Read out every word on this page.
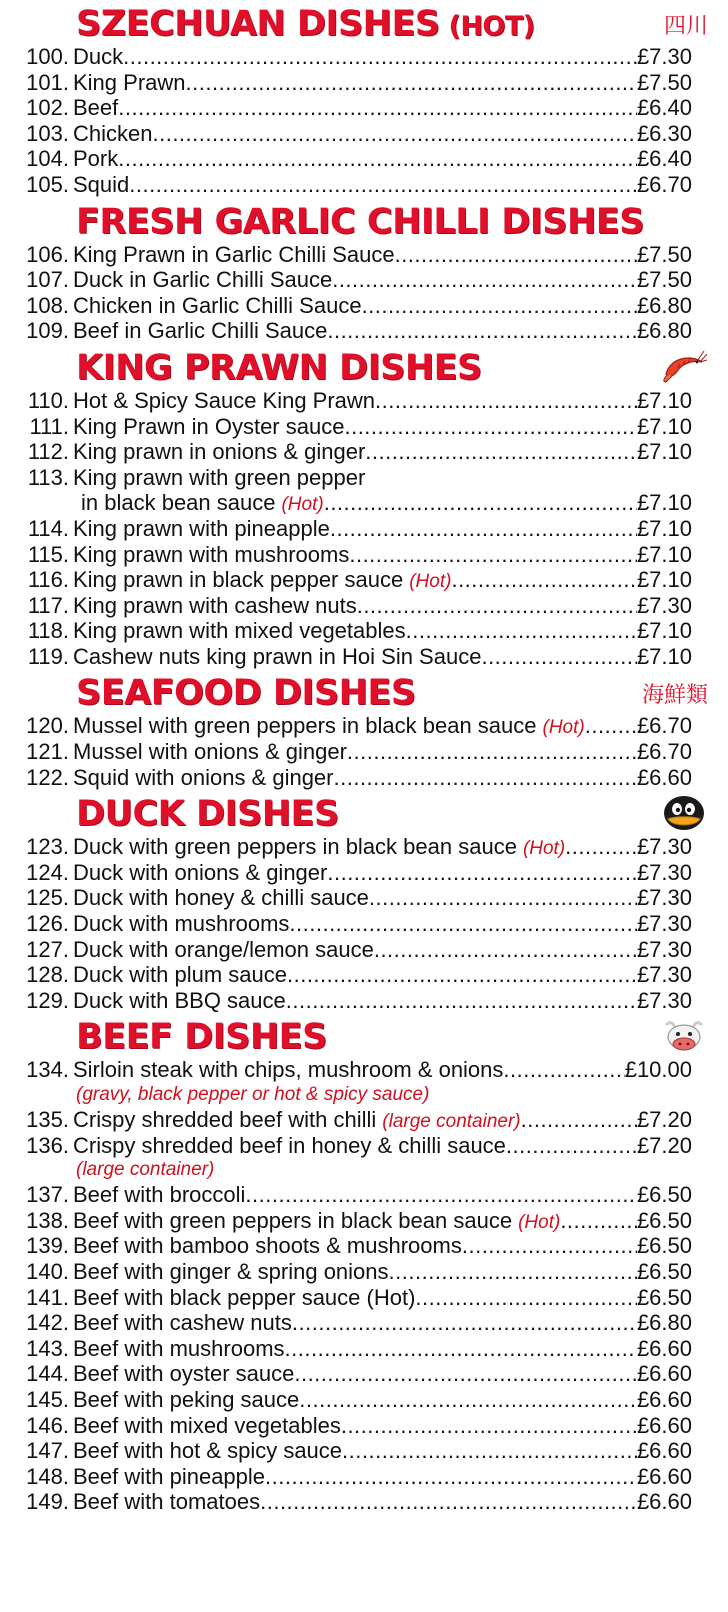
SZECHUAN DISHES (HOT)	四川
100. Duck .....	£7.30
101. King Prawn .....	£7.50
102. Beef .....	£6.40
103. Chicken .....	£6.30
104. Pork .....	£6.40
105. Squid .....	£6.70
FRESH GARLIC CHILLI DISHES
106. King Prawn in Garlic Chilli Sauce .....	£7.50
107. Duck in Garlic Chilli Sauce .....	£7.50
108. Chicken in Garlic Chilli Sauce .....	£6.80
109. Beef in Garlic Chilli Sauce .....	£6.80
KING PRAWN DISHES
110. Hot & Spicy Sauce King Prawn .....	£7.10
111. King Prawn in Oyster sauce .....	£7.10
112. King prawn in onions & ginger .....	£7.10
113. King prawn with green pepper
in black bean sauce (Hot) .....	£7.10
114. King prawn with pineapple .....	£7.10
115. King prawn with mushrooms .....	£7.10
116. King prawn in black pepper sauce (Hot) .....	£7.10
117. King prawn with cashew nuts .....	£7.30
118. King prawn with mixed vegetables .....	£7.10
119. Cashew nuts king prawn in Hoi Sin Sauce .....	£7.10
SEAFOOD DISHES	海鮮類
120. Mussel with green peppers in black bean sauce (Hot) ..... £6.70
121. Mussel with onions & ginger .....	£6.70
122. Squid with onions & ginger .....	£6.60
DUCK DISHES
123. Duck with green peppers in black bean sauce (Hot) .....	£7.30
124. Duck with onions & ginger .....	£7.30
125. Duck with honey & chilli sauce .....	£7.30
126. Duck with mushrooms .....	£7.30
127. Duck with orange/lemon sauce .....	£7.30
128. Duck with plum sauce .....	£7.30
129. Duck with BBQ sauce .....	£7.30
BEEF DISHES
134. Sirloin steak with chips, mushroom & onions .....	£10.00
(gravy, black pepper or hot & spicy sauce)
135. Crispy shredded beef with chilli (large container) .....	£7.20
136. Crispy shredded beef in honey & chilli sauce .....	£7.20
(large container)
137. Beef with broccoli .....	£6.50
138. Beef with green peppers in black bean sauce (Hot) .....	£6.50
139. Beef with bamboo shoots & mushrooms .....	£6.50
140. Beef with ginger & spring onions .....	£6.50
141. Beef with black pepper sauce (Hot) .....	£6.50
142. Beef with cashew nuts .....	£6.80
143. Beef with mushrooms .....	£6.60
144. Beef with oyster sauce .....	£6.60
145. Beef with peking sauce .....	£6.60
146. Beef with mixed vegetables .....	£6.60
147. Beef with hot & spicy sauce .....	£6.60
148. Beef with pineapple .....	£6.60
149. Beef with tomatoes .....	£6.60
